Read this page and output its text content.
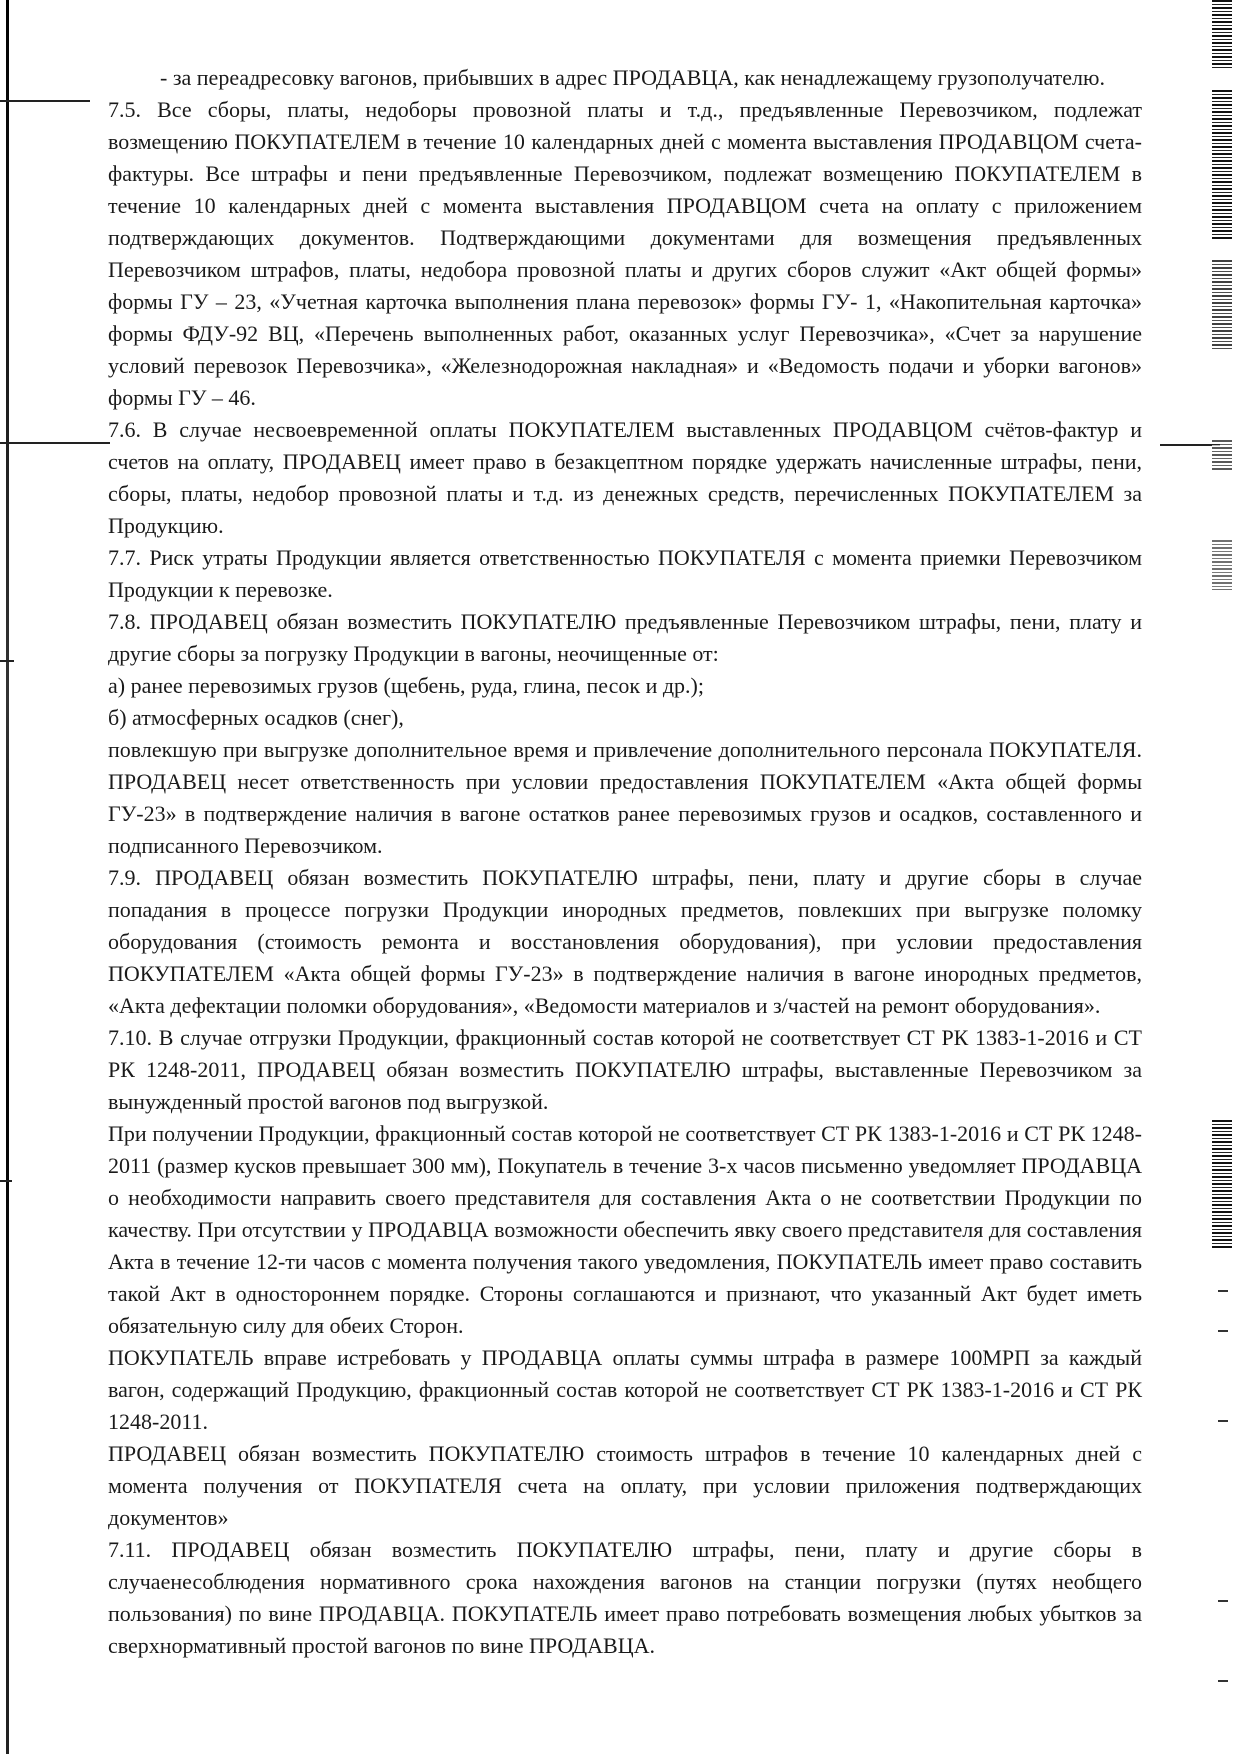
- за переадресовку вагонов, прибывших в адрес ПРОДАВЦА, как ненадлежащему грузополучателю.

7.5. Все сборы, платы, недоборы провозной платы и т.д., предъявленные Перевозчиком, подлежат возмещению ПОКУПАТЕЛЕМ в течение 10 календарных дней с момента выставления ПРОДАВЦОМ счета-фактуры. Все штрафы и пени предъявленные Перевозчиком, подлежат возмещению ПОКУПАТЕЛЕМ в течение 10 календарных дней с момента выставления ПРОДАВЦОМ счета на оплату с приложением подтверждающих документов. Подтверждающими документами для возмещения предъявленных Перевозчиком штрафов, платы, недобора провозной платы и других сборов служит «Акт общей формы» формы ГУ – 23, «Учетная карточка выполнения плана перевозок» формы ГУ- 1, «Накопительная карточка» формы ФДУ-92 ВЦ, «Перечень выполненных работ, оказанных услуг Перевозчика», «Счет за нарушение условий перевозок Перевозчика», «Железнодорожная накладная» и «Ведомость подачи и уборки вагонов» формы ГУ – 46.

7.6. В случае несвоевременной оплаты ПОКУПАТЕЛЕМ выставленных ПРОДАВЦОМ счётов-фактур и счетов на оплату, ПРОДАВЕЦ имеет право в безакцептном порядке удержать начисленные штрафы, пени, сборы, платы, недобор провозной платы и т.д. из денежных средств, перечисленных ПОКУПАТЕЛЕМ за Продукцию.

7.7. Риск утраты Продукции является ответственностью ПОКУПАТЕЛЯ с момента приемки Перевозчиком Продукции к перевозке.

7.8. ПРОДАВЕЦ обязан возместить ПОКУПАТЕЛЮ предъявленные Перевозчиком штрафы, пени, плату и другие сборы за погрузку Продукции в вагоны, неочищенные от:

а) ранее перевозимых грузов (щебень, руда, глина, песок и др.);

б) атмосферных осадков (снег),

повлекшую при выгрузке дополнительное время и привлечение дополнительного персонала ПОКУПАТЕЛЯ. ПРОДАВЕЦ несет ответственность при условии предоставления ПОКУПАТЕЛЕМ «Акта общей формы ГУ-23» в подтверждение наличия в вагоне остатков ранее перевозимых грузов и осадков, составленного и подписанного Перевозчиком.

7.9. ПРОДАВЕЦ обязан возместить ПОКУПАТЕЛЮ штрафы, пени, плату и другие сборы в случае попадания в процессе погрузки Продукции инородных предметов, повлекших при выгрузке поломку оборудования (стоимость ремонта и восстановления оборудования), при условии предоставления ПОКУПАТЕЛЕМ «Акта общей формы ГУ-23» в подтверждение наличия в вагоне инородных предметов, «Акта дефектации поломки оборудования», «Ведомости материалов и з/частей на ремонт оборудования».

7.10. В случае отгрузки Продукции, фракционный состав которой не соответствует СТ РК 1383-1-2016 и СТ РК 1248-2011, ПРОДАВЕЦ обязан возместить ПОКУПАТЕЛЮ штрафы, выставленные Перевозчиком за вынужденный простой вагонов под выгрузкой.

При получении Продукции, фракционный состав которой не соответствует СТ РК 1383-1-2016 и СТ РК 1248-2011 (размер кусков превышает 300 мм), Покупатель в течение 3-х часов письменно уведомляет ПРОДАВЦА о необходимости направить своего представителя для составления Акта о не соответствии Продукции по качеству. При отсутствии у ПРОДАВЦА возможности обеспечить явку своего представителя для составления Акта в течение 12-ти часов с момента получения такого уведомления, ПОКУПАТЕЛЬ имеет право составить такой Акт в одностороннем порядке. Стороны соглашаются и признают, что указанный Акт будет иметь обязательную силу для обеих Сторон.

ПОКУПАТЕЛЬ вправе истребовать у ПРОДАВЦА оплаты суммы штрафа в размере 100МРП за каждый вагон, содержащий Продукцию, фракционный состав которой не соответствует СТ РК 1383-1-2016 и СТ РК 1248-2011.

ПРОДАВЕЦ обязан возместить ПОКУПАТЕЛЮ стоимость штрафов в течение 10 календарных дней с момента получения от ПОКУПАТЕЛЯ счета на оплату, при условии приложения подтверждающих документов»

7.11. ПРОДАВЕЦ обязан возместить ПОКУПАТЕЛЮ штрафы, пени, плату и другие сборы в случаенесоблюдения нормативного срока нахождения вагонов на станции погрузки (путях необщего пользования) по вине ПРОДАВЦА. ПОКУПАТЕЛЬ имеет право потребовать возмещения любых убытков за сверхнормативный простой вагонов по вине ПРОДАВЦА.
